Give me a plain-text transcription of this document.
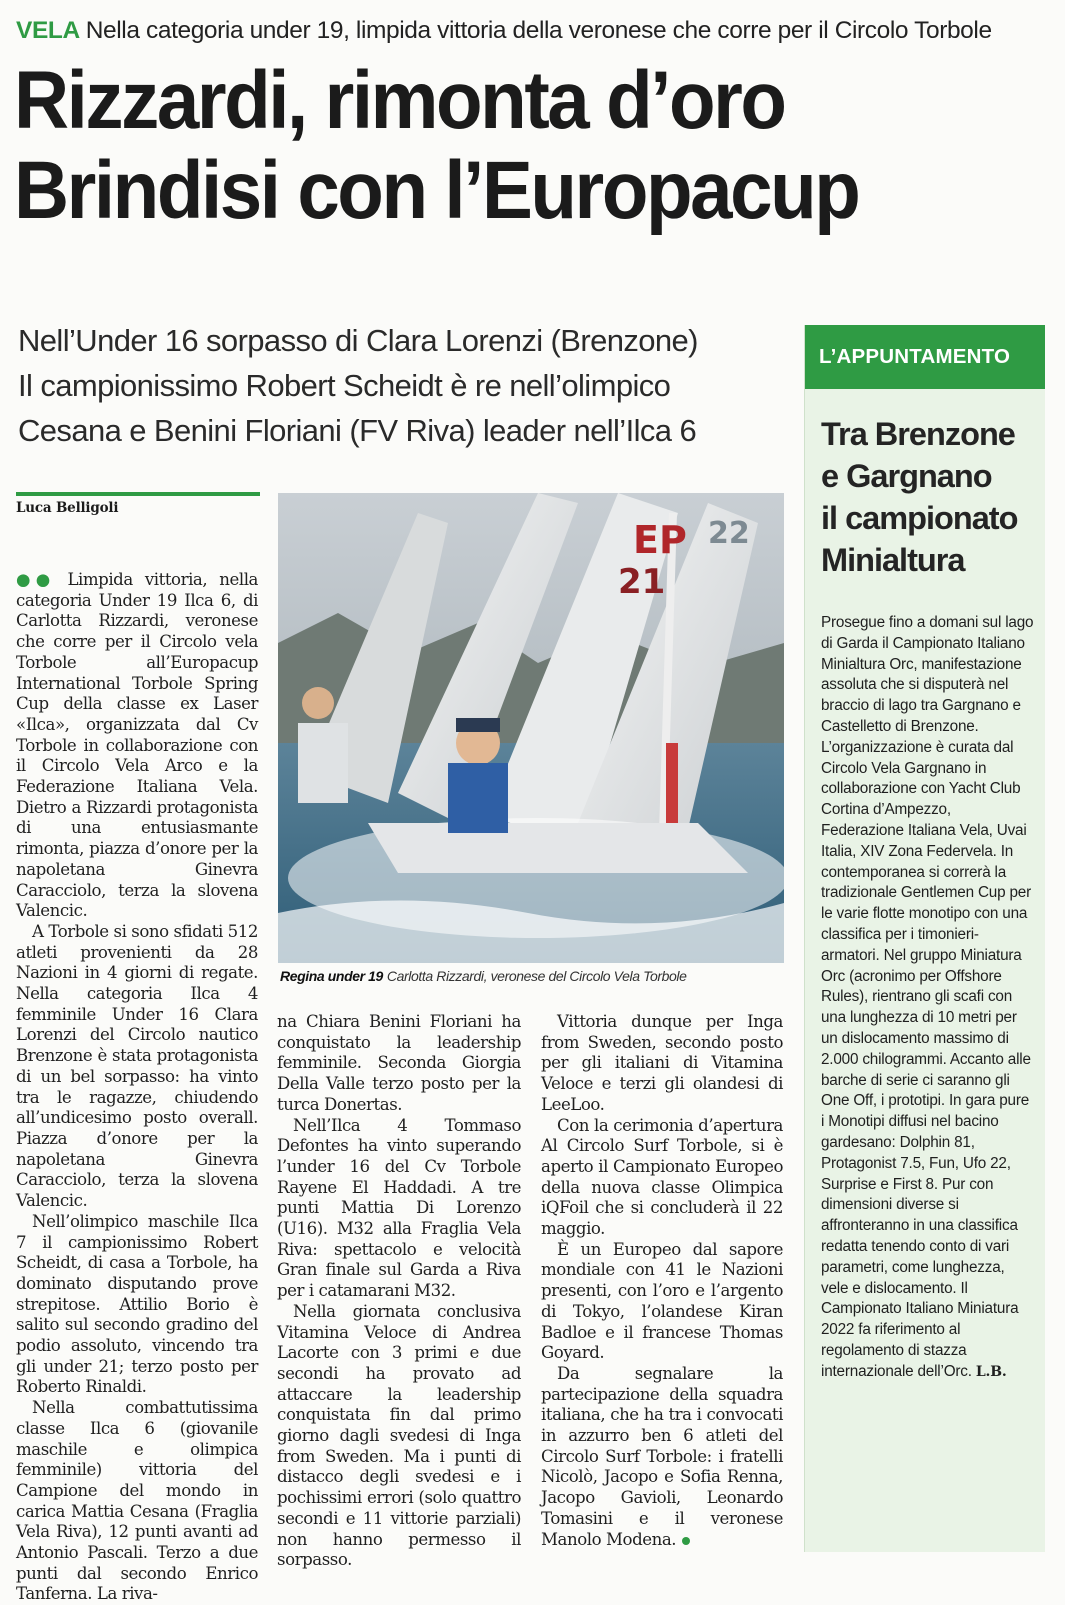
VELA Nella categoria under 19, limpida vittoria della veronese che corre per il Circolo Torbole
Rizzardi, rimonta d’oro
Brindisi con l’Europacup
Nell’Under 16 sorpasso di Clara Lorenzi (Brenzone)
Il campionissimo Robert Scheidt è re nell’olimpico
Cesana e Benini Floriani (FV Riva) leader nell’Ilca 6
Luca Belligoli

●● Limpida vittoria, nella categoria Under 19 Ilca 6, di Carlotta Rizzardi, veronese che corre per il Circolo vela Torbole all’Europacup International Torbole Spring Cup della classe ex Laser «Ilca», organizzata dal Cv Torbole in collaborazione con il Circolo Vela Arco e la Federazione Italiana Vela. Dietro a Rizzardi protagonista di una entusiasmante rimonta, piazza d’onore per la napoletana Ginevra Caracciolo, terza la slovena Valencic.

A Torbole si sono sfidati 512 atleti provenienti da 28 Nazioni in 4 giorni di regate. Nella categoria Ilca 4 femminile Under 16 Clara Lorenzi del Circolo nautico Brenzone è stata protagonista di un bel sorpasso: ha vinto tra le ragazze, chiudendo all’undicesimo posto overall. Piazza d’onore per la napoletana Ginevra Caracciolo, terza la slovena Valencic.

Nell’olimpico maschile Ilca 7 il campionissimo Robert Scheidt, di casa a Torbole, ha dominato disputando prove strepitose. Attilio Borio è salito sul secondo gradino del podio assoluto, vincendo tra gli under 21; terzo posto per Roberto Rinaldi.

Nella combattutissima classe Ilca 6 (giovanile maschile e olimpica femminile) vittoria del Campione del mondo in carica Mattia Cesana (Fraglia Vela Riva), 12 punti avanti ad Antonio Pascali. Terzo a due punti dal secondo Enrico Tanferna. La riva-

EP
21
22
Regina under 19 Carlotta Rizzardi, veronese del Circolo Vela Torbole

na Chiara Benini Floriani ha conquistato la leadership femminile. Seconda Giorgia Della Valle terzo posto per la turca Donertas.

Nell’Ilca 4 Tommaso Defontes ha vinto superando l’under 16 del Cv Torbole Rayene El Haddadi. A tre punti Mattia Di Lorenzo (U16). M32 alla Fraglia Vela Riva: spettacolo e velocità Gran finale sul Garda a Riva per i catamarani M32.

Nella giornata conclusiva Vitamina Veloce di Andrea Lacorte con 3 primi e due secondi ha provato ad attaccare la leadership conquistata fin dal primo giorno dagli svedesi di Inga from Sweden. Ma i punti di distacco degli svedesi e i pochissimi errori (solo quattro secondi e 11 vittorie parziali) non hanno permesso il sorpasso.

Vittoria dunque per Inga from Sweden, secondo posto per gli italiani di Vitamina Veloce e terzi gli olandesi di LeeLoo.

Con la cerimonia d’apertura Al Circolo Surf Torbole, si è aperto il Campionato Europeo della nuova classe Olimpica iQFoil che si concluderà il 22 maggio.

È un Europeo dal sapore mondiale con 41 le Nazioni presenti, con l’oro e l’argento di Tokyo, l’olandese Kiran Badloe e il francese Thomas Goyard.

Da segnalare la partecipazione della squadra italiana, che ha tra i convocati in azzurro ben 6 atleti del Circolo Surf Torbole: i fratelli Nicolò, Jacopo e Sofia Renna, Jacopo Gavioli, Leonardo Tomasini e il veronese Manolo Modena.

L’APPUNTAMENTO
Tra Brenzone
e Gargnano
il campionato
Minialtura
Prosegue fino a domani sul lago di Garda il Campionato Italiano Minialtura Orc, manifestazione assoluta che si disputerà nel braccio di lago tra Gargnano e Castelletto di Brenzone. L’organizzazione è curata dal Circolo Vela Gargnano in collaborazione con Yacht Club Cortina d’Ampezzo, Federazione Italiana Vela, Uvai Italia, XIV Zona Federvela. In contemporanea si correrà la tradizionale Gentlemen Cup per le varie flotte monotipo con una classifica per i timonieri-armatori. Nel gruppo Miniatura Orc (acronimo per Offshore Rules), rientrano gli scafi con una lunghezza di 10 metri per un dislocamento massimo di 2.000 chilogrammi. Accanto alle barche di serie ci saranno gli One Off, i prototipi. In gara pure i Monotipi diffusi nel bacino gardesano: Dolphin 81, Protagonist 7.5, Fun, Ufo 22, Surprise e First 8. Pur con dimensioni diverse si affronteranno in una classifica redatta tenendo conto di vari parametri, come lunghezza, vele e dislocamento. Il Campionato Italiano Miniatura 2022 fa riferimento al regolamento di stazza internazionale dell’Orc. L.B.
